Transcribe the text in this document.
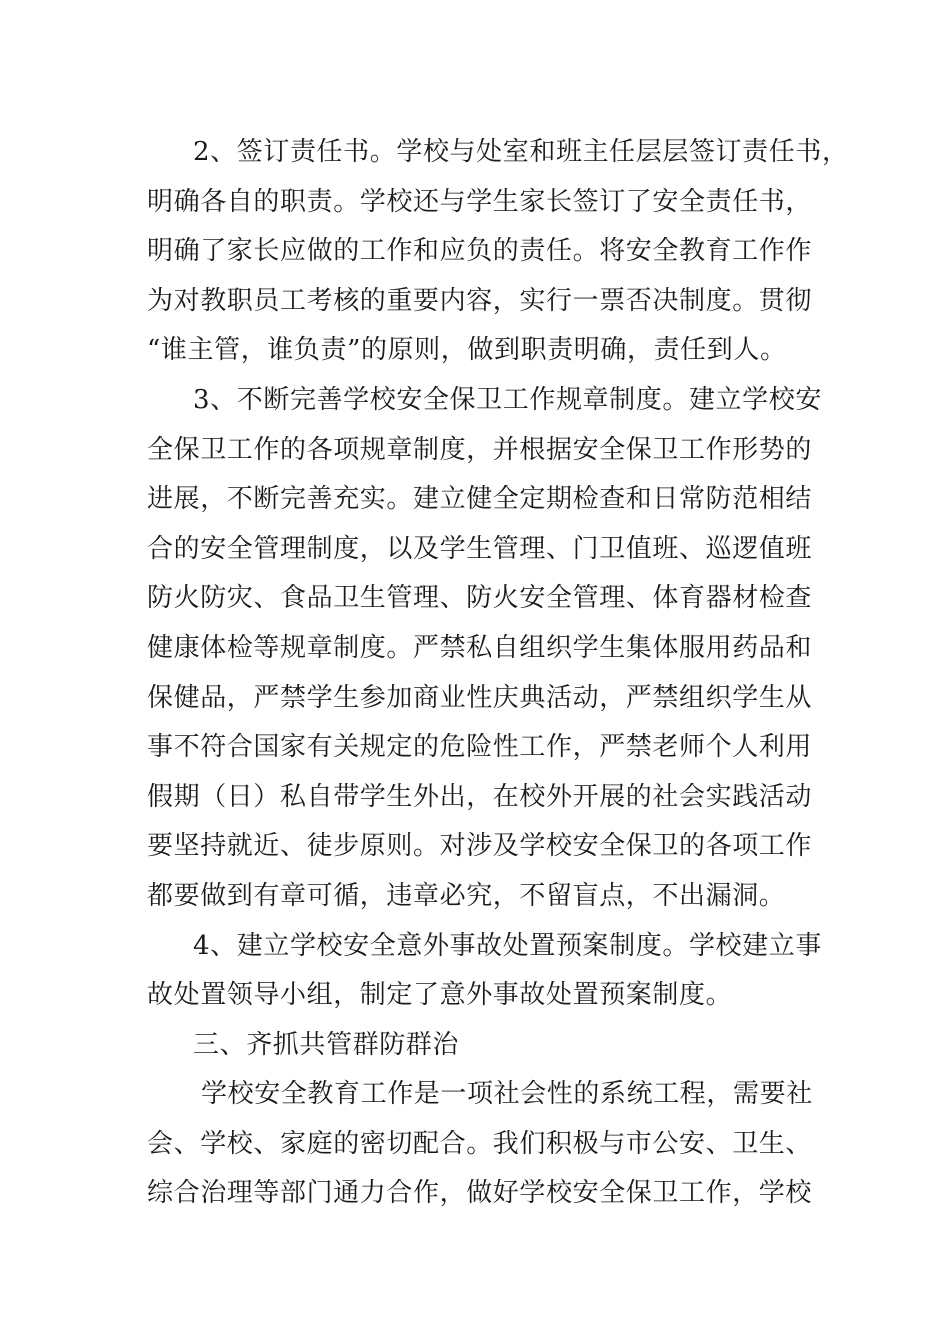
2、签订责任书。学校与处室和班主任层层签订责任书，
明确各自的职责。学校还与学生家长签订了安全责任书，
明确了家长应做的工作和应负的责任。将安全教育工作作
为对教职员工考核的重要内容，实行一票否决制度。贯彻
“谁主管，谁负责”的原则，做到职责明确，责任到人。
3、不断完善学校安全保卫工作规章制度。建立学校安
全保卫工作的各项规章制度，并根据安全保卫工作形势的
进展，不断完善充实。建立健全定期检查和日常防范相结
合的安全管理制度，以及学生管理、门卫值班、巡逻值班
防火防灾、食品卫生管理、防火安全管理、体育器材检查
健康体检等规章制度。严禁私自组织学生集体服用药品和
保健品，严禁学生参加商业性庆典活动，严禁组织学生从
事不符合国家有关规定的危险性工作，严禁老师个人利用
假期（日）私自带学生外出，在校外开展的社会实践活动
要坚持就近、徒步原则。对涉及学校安全保卫的各项工作
都要做到有章可循，违章必究，不留盲点，不出漏洞。
4、建立学校安全意外事故处置预案制度。学校建立事
故处置领导小组，制定了意外事故处置预案制度。
三、齐抓共管群防群治
学校安全教育工作是一项社会性的系统工程，需要社
会、学校、家庭的密切配合。我们积极与市公安、卫生、
综合治理等部门通力合作，做好学校安全保卫工作，学校
